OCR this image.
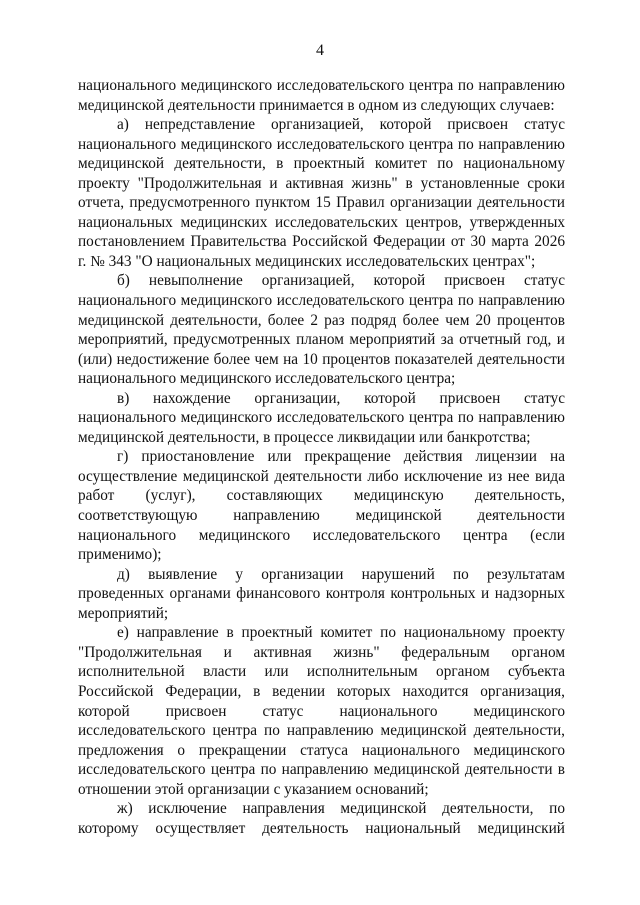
4

национального медицинского исследовательского центра по направлению медицинской деятельности принимается в одном из следующих случаев:

а) непредставление организацией, которой присвоен статус национального медицинского исследовательского центра по направлению медицинской деятельности, в проектный комитет по национальному проекту "Продолжительная и активная жизнь" в установленные сроки отчета, предусмотренного пунктом 15 Правил организации деятельности национальных медицинских исследовательских центров, утвержденных постановлением Правительства Российской Федерации от 30 марта 2026 г. № 343 "О национальных медицинских исследовательских центрах";

б) невыполнение организацией, которой присвоен статус национального медицинского исследовательского центра по направлению медицинской деятельности, более 2 раз подряд более чем 20 процентов мероприятий, предусмотренных планом мероприятий за отчетный год, и (или) недостижение более чем на 10 процентов показателей деятельности национального медицинского исследовательского центра;

в) нахождение организации, которой присвоен статус национального медицинского исследовательского центра по направлению медицинской деятельности, в процессе ликвидации или банкротства;

г) приостановление или прекращение действия лицензии на осуществление медицинской деятельности либо исключение из нее вида работ (услуг), составляющих медицинскую деятельность, соответствующую направлению медицинской деятельности национального медицинского исследовательского центра (если применимо);

д) выявление у организации нарушений по результатам проведенных органами финансового контроля контрольных и надзорных мероприятий;

е) направление в проектный комитет по национальному проекту "Продолжительная и активная жизнь" федеральным органом исполнительной власти или исполнительным органом субъекта Российской Федерации, в ведении которых находится организация, которой присвоен статус национального медицинского исследовательского центра по направлению медицинской деятельности, предложения о прекращении статуса национального медицинского исследовательского центра по направлению медицинской деятельности в отношении этой организации с указанием оснований;

ж) исключение направления медицинской деятельности, по которому осуществляет деятельность национальный медицинский
